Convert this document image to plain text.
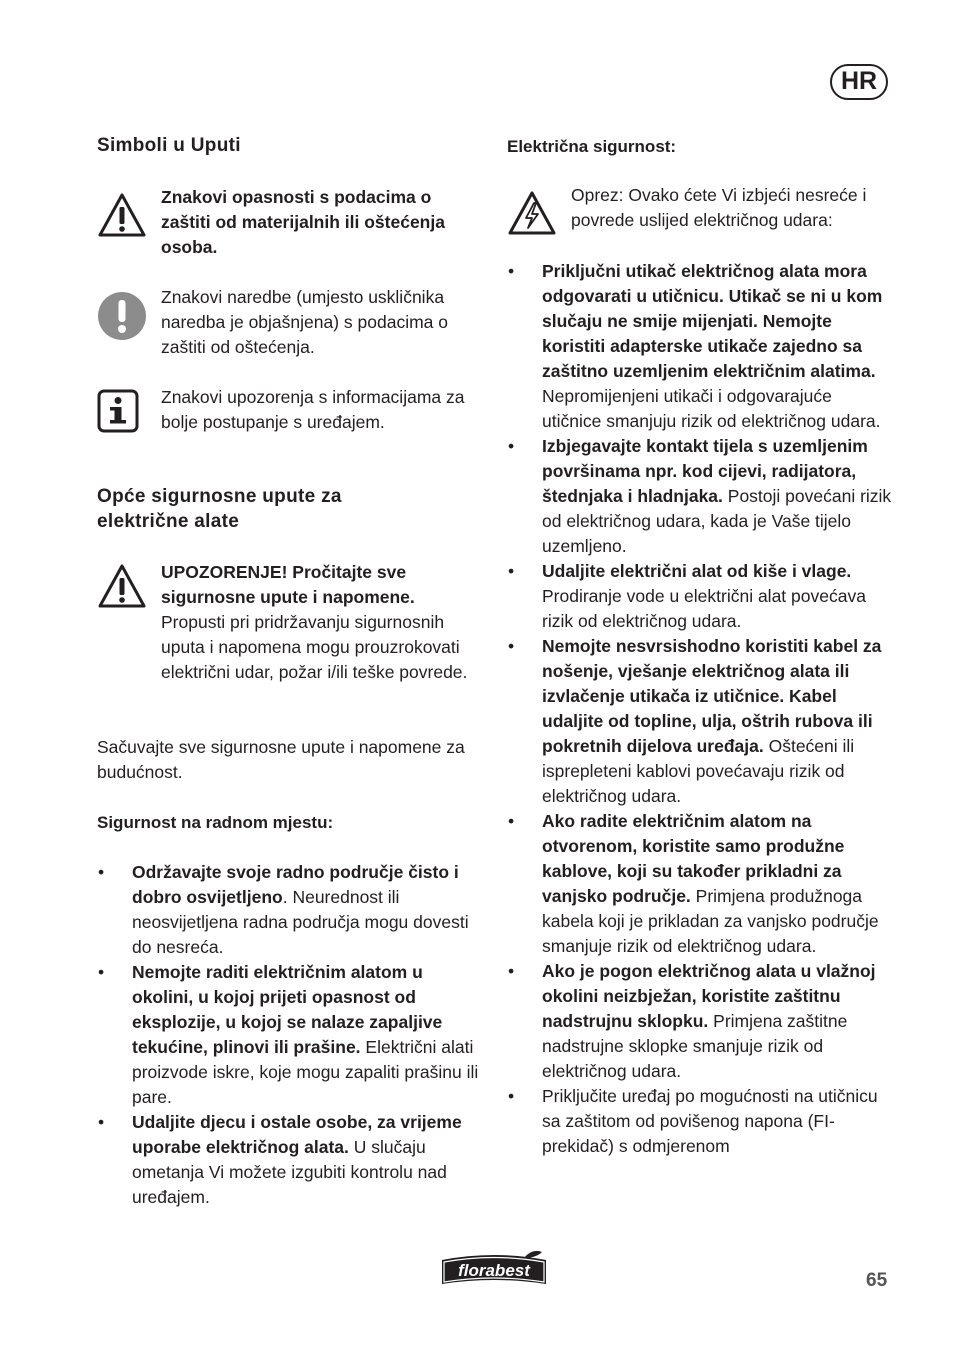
HR
Simboli u Uputi
Znakovi opasnosti s podacima o zaštiti od materijalnih ili oštećenja osoba.
Znakovi naredbe (umjesto uskličnika naredba je objašnjena) s podacima o zaštiti od oštećenja.
Znakovi upozorenja s informacijama za bolje postupanje s uređajem.
Opće sigurnosne upute za električne alate
UPOZORENJE! Pročitajte sve sigurnosne upute i napomene. Propusti pri pridržavanju sigurnosnih uputa i napomena mogu prouzrokovati električni udar, požar i/ili teške povrede.

Sačuvajte sve sigurnosne upute i napomene za budućnost.

Sigurnost na radnom mjestu:

• Održavajte svoje radno područje čisto i dobro osvijetljeno. Neurednost ili neosvijetljena radna područja mogu dovesti do nesreća.
• Nemojte raditi električnim alatom u okolini, u kojoj prijeti opasnost od eksplozije, u kojoj se nalaze zapaljive tekućine, plinovi ili prašine. Električni alati proizvode iskre, koje mogu zapaliti prašinu ili pare.
• Udaljite djecu i ostale osobe, za vrijeme uporabe električnog alata. U slučaju ometanja Vi možete izgubiti kontrolu nad uređajem.

Električna sigurnost:

Oprez: Ovako ćete Vi izbjeći nesreće i povrede uslijed električnog udara:
• Priključni utikač električnog alata mora odgovarati u utičnicu. Utikač se ni u kom slučaju ne smije mijenjati. Nemojte koristiti adapterske utikače zajedno sa zaštitno uzemljenim električnim alatima. Nepromijenjeni utikači i odgovarajuće utičnice smanjuju rizik od električnog udara.
• Izbjegavajte kontakt tijela s uzemljenim površinama npr. kod cijevi, radijatora, štednjaka i hladnjaka. Postoji povećani rizik od električnog udara, kada je Vaše tijelo uzemljeno.
• Udaljite električni alat od kiše i vlage. Prodiranje vode u električni alat povećava rizik od električnog udara.
• Nemojte nesvrsishodno koristiti kabel za nošenje, vješanje električnog alata ili izvlačenje utikača iz utičnice. Kabel udaljite od topline, ulja, oštrih rubova ili pokretnih dijelova uređaja. Oštećeni ili isprepleteni kablovi povećavaju rizik od električnog udara.
• Ako radite električnim alatom na otvorenom, koristite samo produžne kablove, koji su također prikladni za vanjsko područje. Primjena produžnoga kabela koji je prikladan za vanjsko područje smanjuje rizik od električnog udara.
• Ako je pogon električnog alata u vlažnoj okolini neizbježan, koristite zaštitnu nadstrujnu sklopku. Primjena zaštitne nadstrujne sklopke smanjuje rizik od električnog udara.
• Priključite uređaj po mogućnosti na utičnicu sa zaštitom od povišenog napona (FI-prekidač) s odmjerenom
florabest	65
